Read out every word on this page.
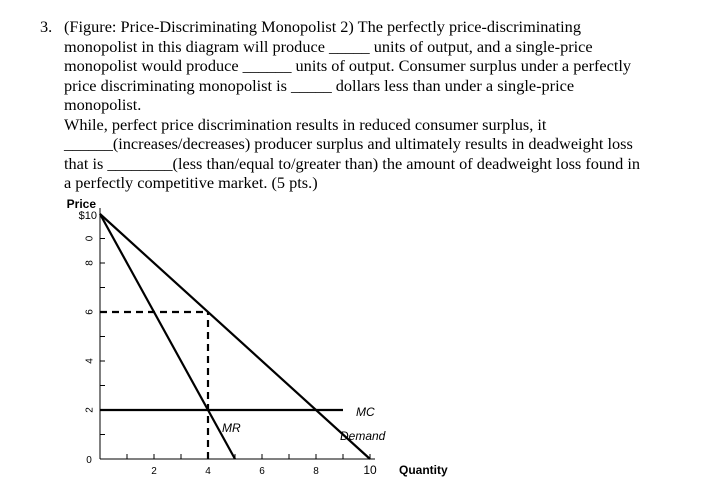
3. (Figure: Price-Discriminating Monopolist 2) The perfectly price-discriminating
monopolist in this diagram will produce _____ units of output, and a single-price
monopolist would produce ______ units of output. Consumer surplus under a perfectly
price discriminating monopolist is _____ dollars less than under a single-price
monopolist.
While, perfect price discrimination results in reduced consumer surplus, it
______(increases/decreases) producer surplus and ultimately results in deadweight loss
that is ________(less than/equal to/greater than) the amount of deadweight loss found in
a perfectly competitive market. (5 pts.)
Price
Quantity
2
4
6
8
0
$10
0
2	4	6	8	10
Demand
MR
MC
